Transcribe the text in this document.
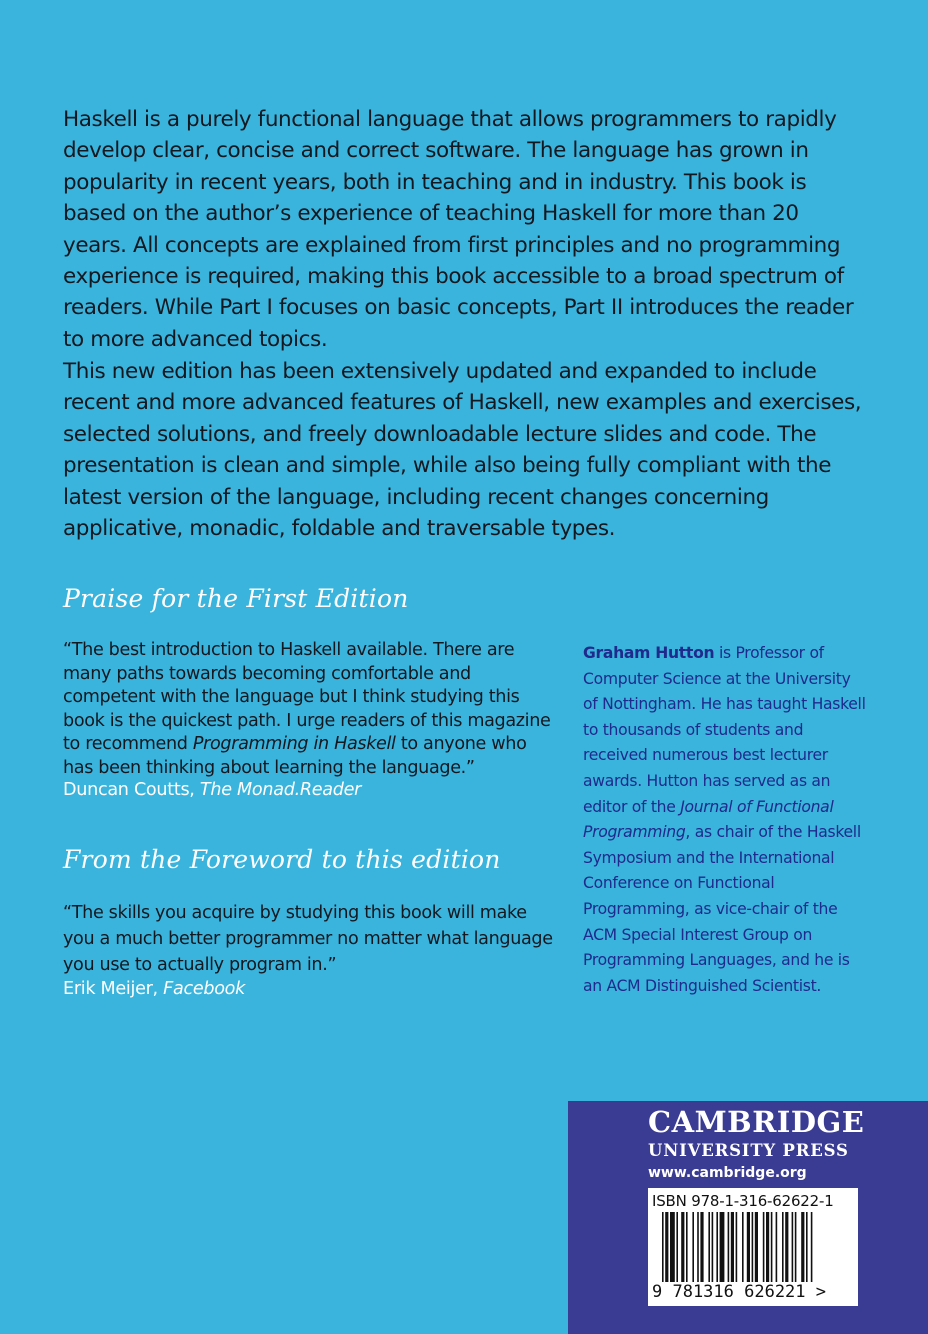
Haskell is a purely functional language that allows programmers to rapidly develop clear, concise and correct software. The language has grown in popularity in recent years, both in teaching and in industry. This book is based on the author’s experience of teaching Haskell for more than 20 years. All concepts are explained from first principles and no programming experience is required, making this book accessible to a broad spectrum of readers. While Part I focuses on basic concepts, Part II introduces the reader to more advanced topics.

This new edition has been extensively updated and expanded to include recent and more advanced features of Haskell, new examples and exercises, selected solutions, and freely downloadable lecture slides and code. The presentation is clean and simple, while also being fully compliant with the latest version of the language, including recent changes concerning applicative, monadic, foldable and traversable types.

Praise for the First Edition

“The best introduction to Haskell available. There are many paths towards becoming comfortable and competent with the language but I think studying this book is the quickest path. I urge readers of this magazine to recommend Programming in Haskell to anyone who has been thinking about learning the language.”

Duncan Coutts, The Monad.Reader

From the Foreword to this edition

“The skills you acquire by studying this book will make you a much better programmer no matter what language you use to actually program in.”

Erik Meijer, Facebook

Graham Hutton is Professor of Computer Science at the University of Nottingham. He has taught Haskell to thousands of students and received numerous best lecturer awards. Hutton has served as an editor of the Journal of Functional Programming, as chair of the Haskell Symposium and the International Conference on Functional Programming, as vice-chair of the ACM Special Interest Group on Programming Languages, and he is an ACM Distinguished Scientist.

CAMBRIDGE
UNIVERSITY PRESS
www.cambridge.org
ISBN 978-1-316-62622-1
9 781316 626221 >
